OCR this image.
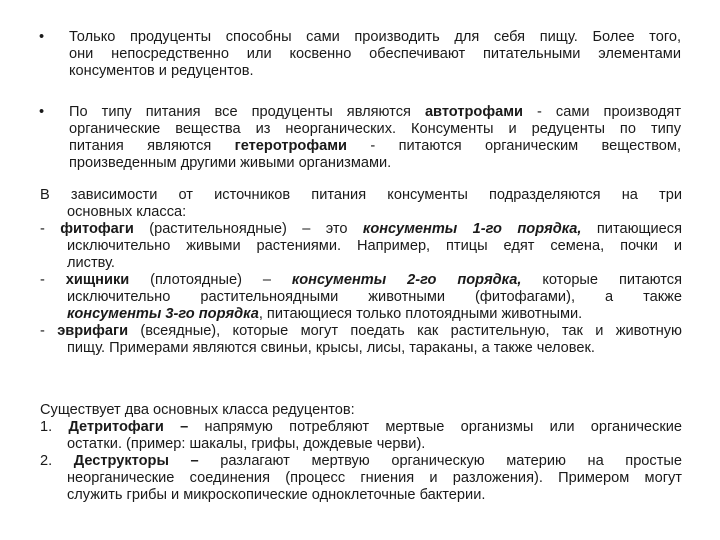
•	Только продуценты способны сами производить для себя пищу. Более того,
они непосредственно или косвенно обеспечивают питательными элементами
консументов и редуцентов.
•	По типу питания все продуценты являются автотрофами - сами производят
органические вещества из неорганических. Консументы и редуценты по типу
питания являются гетеротрофами - питаются органическим веществом,
произведенным другими живыми организмами.
В зависимости от источников питания консументы подразделяются на три
основных класса:
- фитофаги (растительноядные) – это консументы 1-го порядка, питающиеся
исключительно живыми растениями. Например, птицы едят семена, почки и
листву.
- хищники (плотоядные) – консументы 2-го порядка, которые питаются
исключительно растительноядными животными (фитофагами), а также
консументы 3-го порядка, питающиеся только плотоядными животными.
- эврифаги (всеядные), которые могут поедать как растительную, так и животную
пищу. Примерами являются свиньи, крысы, лисы, тараканы, а также человек.
Существует два основных класса редуцентов:
1. Детритофаги – напрямую потребляют мертвые организмы или органические
остатки. (пример: шакалы, грифы, дождевые черви).
2. Деструкторы – разлагают мертвую органическую материю на простые
неорганические соединения (процесс гниения и разложения). Примером могут
служить грибы и микроскопические одноклеточные бактерии.
